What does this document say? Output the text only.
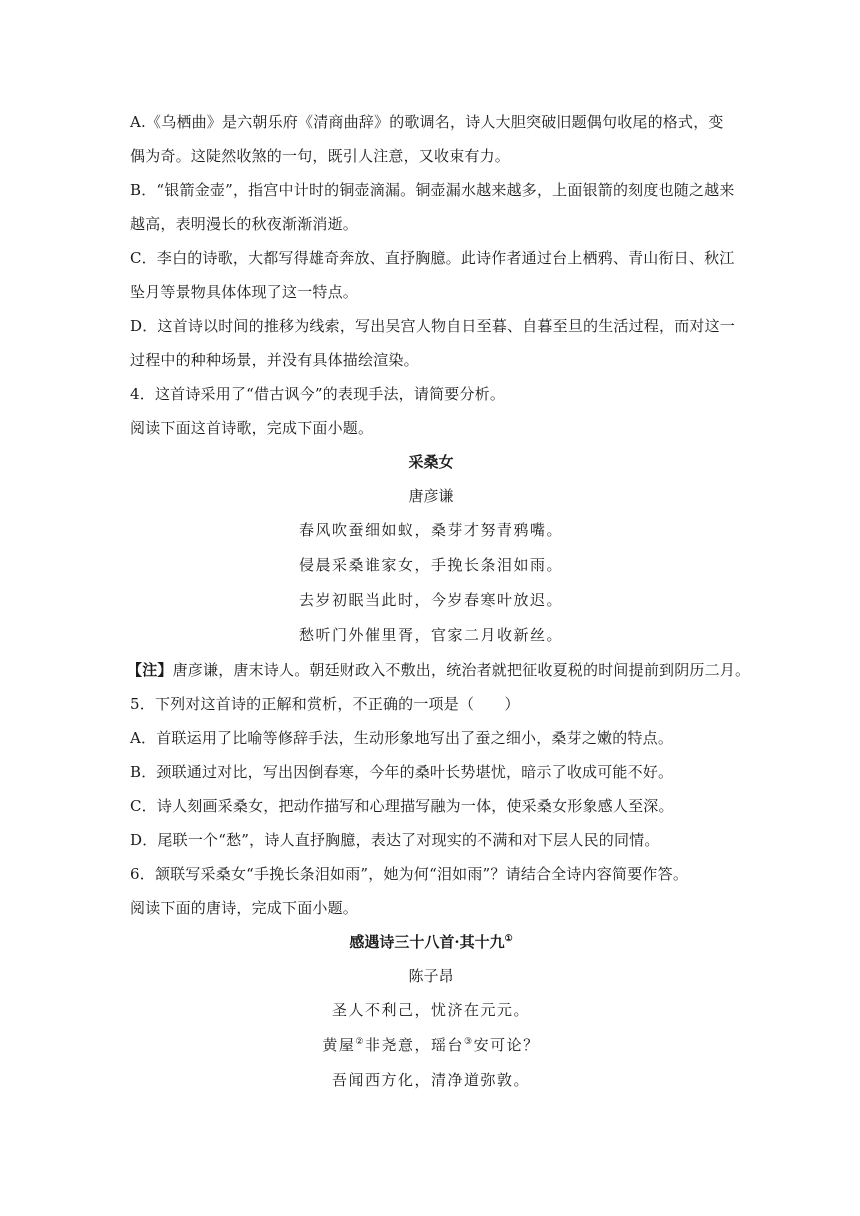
A.《乌栖曲》是六朝乐府《清商曲辞》的歌调名，诗人大胆突破旧题偶句收尾的格式，变
偶为奇。这陡然收煞的一句，既引人注意，又收束有力。
B．“银箭金壶”，指宫中计时的铜壶滴漏。铜壶漏水越来越多，上面银箭的刻度也随之越来
越高，表明漫长的秋夜渐渐消逝。
C．李白的诗歌，大都写得雄奇奔放、直抒胸臆。此诗作者通过台上栖鸦、青山衔日、秋江
坠月等景物具体体现了这一特点。
D．这首诗以时间的推移为线索，写出吴宫人物自日至暮、自暮至旦的生活过程，而对这一
过程中的种种场景，并没有具体描绘渲染。
4．这首诗采用了“借古讽今”的表现手法，请简要分析。
阅读下面这首诗歌，完成下面小题。
采桑女
唐彦谦
春风吹蚕细如蚁，桑芽才努青鸦嘴。
侵晨采桑谁家女，手挽长条泪如雨。
去岁初眠当此时，今岁春寒叶放迟。
愁听门外催里胥，官家二月收新丝。
【注】唐彦谦，唐末诗人。朝廷财政入不敷出，统治者就把征收夏税的时间提前到阴历二月。
5．下列对这首诗的正解和赏析，不正确的一项是（　　）
A．首联运用了比喻等修辞手法，生动形象地写出了蚕之细小，桑芽之嫩的特点。
B．颈联通过对比，写出因倒春寒，今年的桑叶长势堪忧，暗示了收成可能不好。
C．诗人刻画采桑女，把动作描写和心理描写融为一体，使采桑女形象感人至深。
D．尾联一个“愁”，诗人直抒胸臆，表达了对现实的不满和对下层人民的同情。
6．颔联写采桑女“手挽长条泪如雨”，她为何“泪如雨”？请结合全诗内容简要作答。
阅读下面的唐诗，完成下面小题。
感遇诗三十八首·其十九①
陈子昂
圣人不利己，忧济在元元。
黄屋②非尧意，瑶台③安可论？
吾闻西方化，清净道弥敦。
